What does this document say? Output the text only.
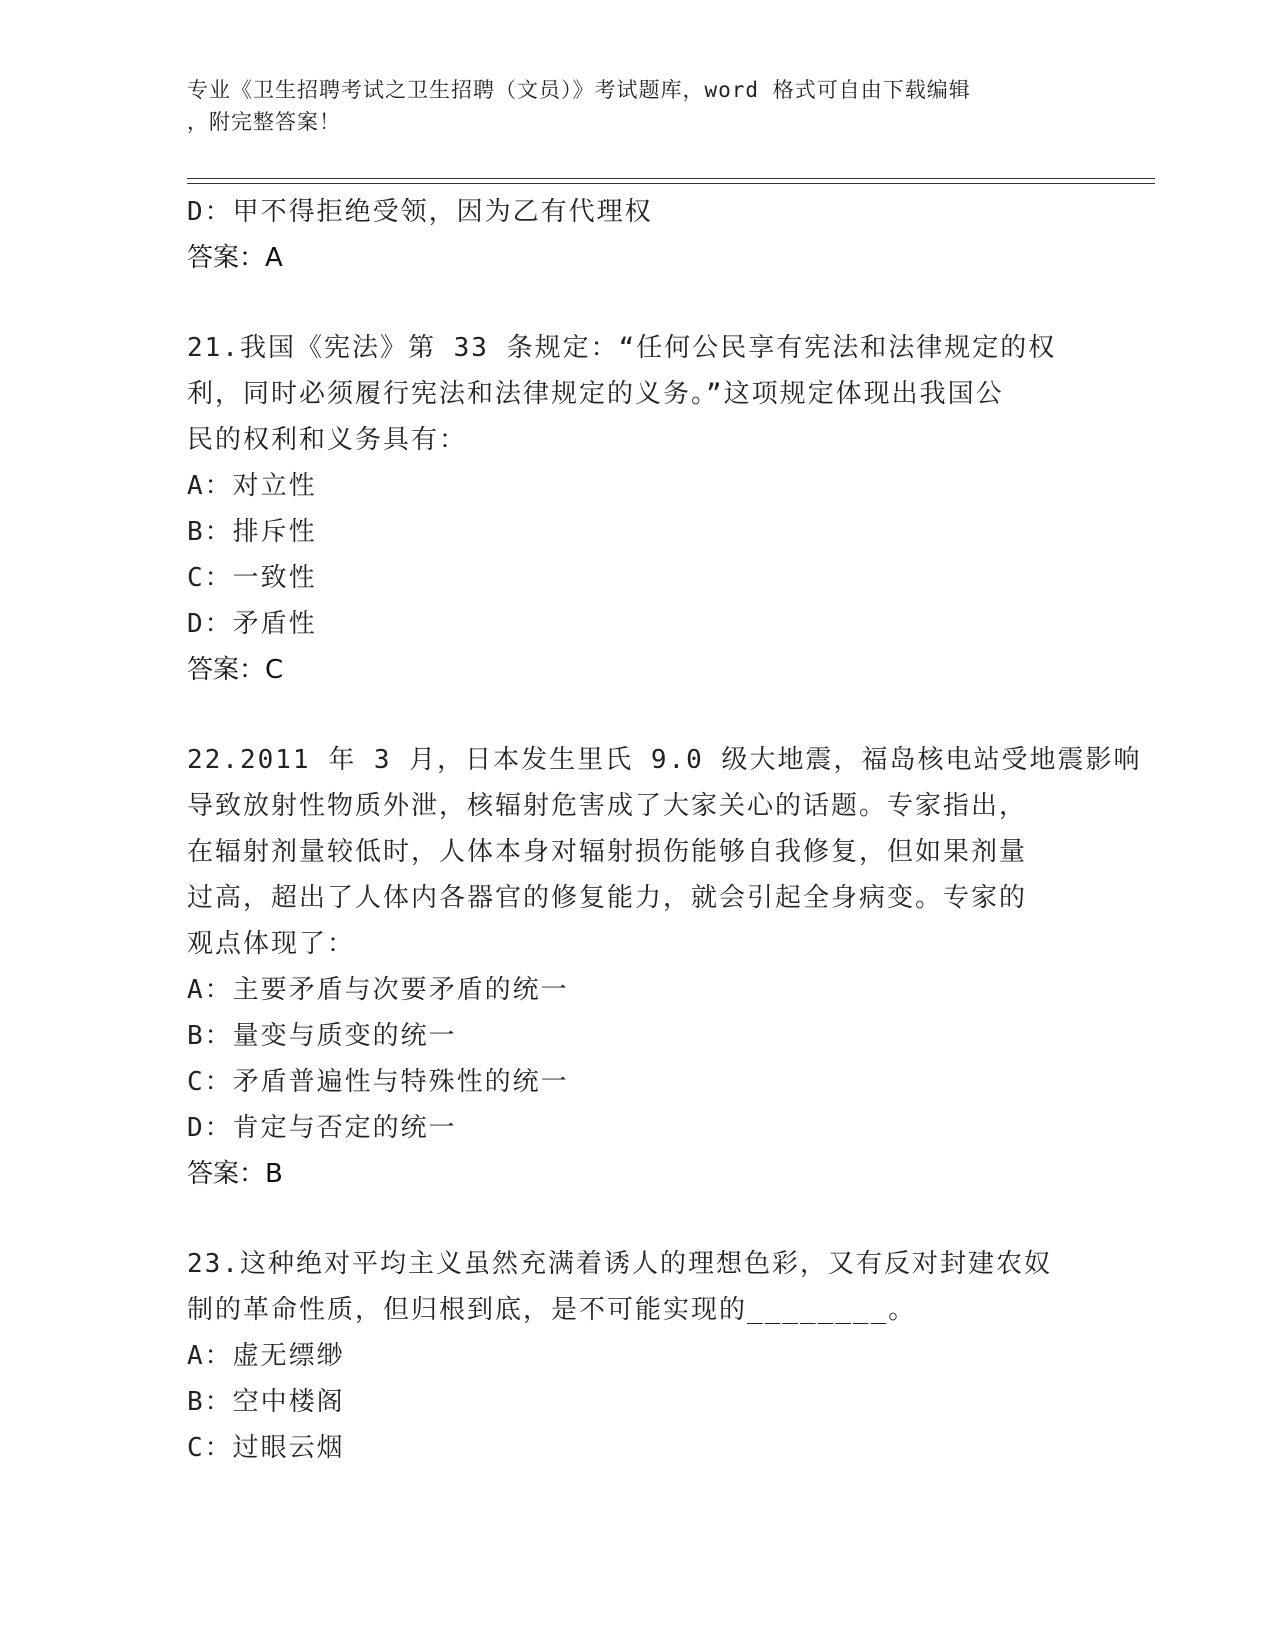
专业《卫生招聘考试之卫生招聘（文员）》考试题库，word 格式可自由下载编辑
，附完整答案！
D：甲不得拒绝受领，因为乙有代理权
答案：A
21.我国《宪法》第 33 条规定：“任何公民享有宪法和法律规定的权
利，同时必须履行宪法和法律规定的义务。”这项规定体现出我国公
民的权利和义务具有：
A：对立性
B：排斥性
C：一致性
D：矛盾性
答案：C
22.2011 年 3 月，日本发生里氏 9.0 级大地震，福岛核电站受地震影响
导致放射性物质外泄，核辐射危害成了大家关心的话题。专家指出，
在辐射剂量较低时，人体本身对辐射损伤能够自我修复，但如果剂量
过高，超出了人体内各器官的修复能力，就会引起全身病变。专家的
观点体现了：
A：主要矛盾与次要矛盾的统一
B：量变与质变的统一
C：矛盾普遍性与特殊性的统一
D：肯定与否定的统一
答案：B
23.这种绝对平均主义虽然充满着诱人的理想色彩，又有反对封建农奴
制的革命性质，但归根到底，是不可能实现的________。
A：虚无缥缈
B：空中楼阁
C：过眼云烟
